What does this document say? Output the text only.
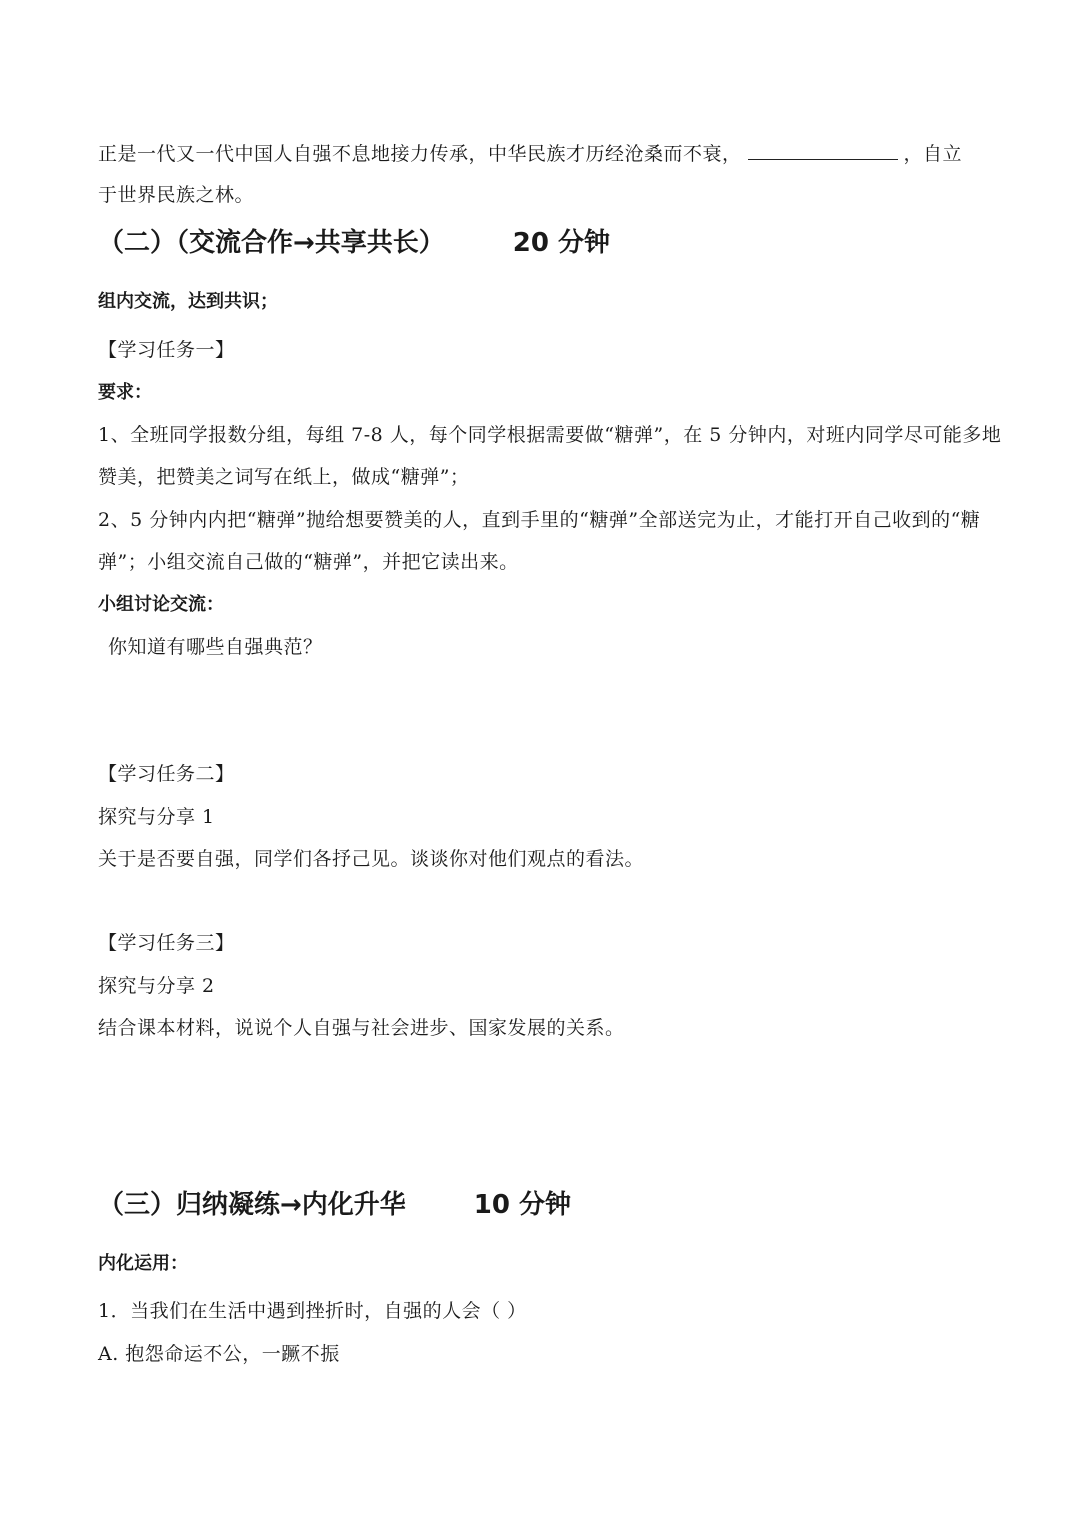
正是一代又一代中国人自强不息地接力传承，中华民族才历经沧桑而不衰，	，自立
于世界民族之林。
（二）（交流合作→共享共长）	20 分钟
组内交流，达到共识；
【学习任务一】
要求：
1、全班同学报数分组，每组 7-8 人，每个同学根据需要做“糖弹”，在 5 分钟内，对班内同学尽可能多地
赞美，把赞美之词写在纸上，做成“糖弹”；
2、5 分钟内内把“糖弹”抛给想要赞美的人，直到手里的“糖弹”全部送完为止，才能打开自己收到的“糖
弹”；小组交流自己做的“糖弹”，并把它读出来。
小组讨论交流：
你知道有哪些自强典范？
【学习任务二】
探究与分享 1
关于是否要自强，同学们各抒己见。谈谈你对他们观点的看法。
【学习任务三】
探究与分享 2
结合课本材料，说说个人自强与社会进步、国家发展的关系。
（三）归纳凝练→内化升华	10 分钟
内化运用：
1．当我们在生活中遇到挫折时，自强的人会（ ）
A. 抱怨命运不公，一蹶不振
